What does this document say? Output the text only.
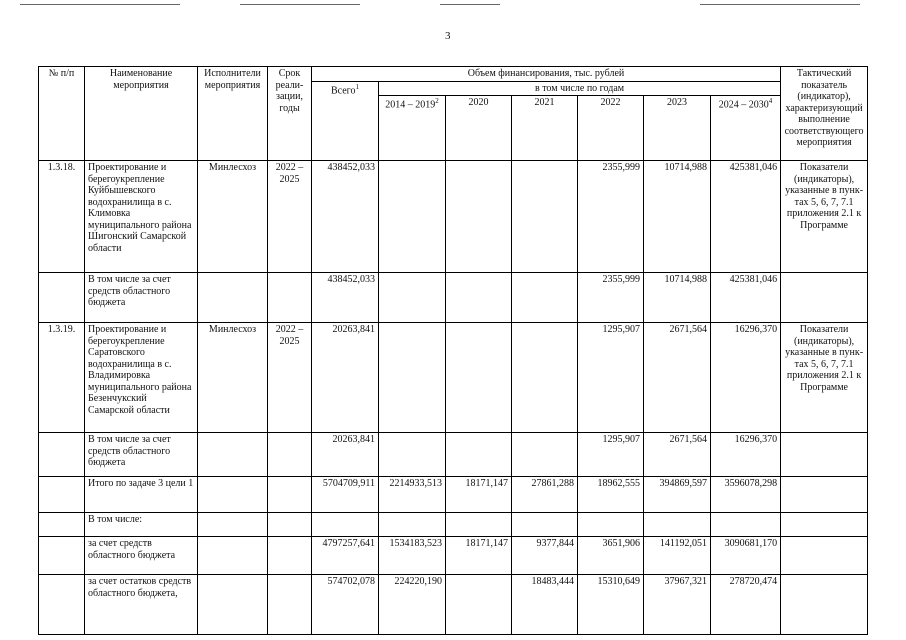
3
№ п/п	Наименование мероприятия	Исполнители мероприятия	Срок реали-зации, годы	Объем финансирования, тыс. рублей							Тактический показатель (индикатор), характеризующий выполнение соответствующего мероприятия
				Всего$^1$	в том числе по годам						
					2014 – 2019$^2$	2020	2021	2022	2023	2024 – 2030$^4$
1.3.18.	Проектирование и берегоукрепление Куйбышевского водохранилища в с. Климовка муниципального района Шигонский Самарской области	Минлесхоз	2022 – 2025	438452,033				2355,999	10714,988	425381,046	Показатели (индикаторы), указанные в пунк-тах 5, 6, 7, 7.1 приложения 2.1 к Программе
	В том числе за счет средств областного бюджета			438452,033				2355,999	10714,988	425381,046	
1.3.19.	Проектирование и берегоукрепление Саратовского водохранилища в с. Владимировка муниципального района Безенчукский Самарской области	Минлесхоз	2022 – 2025	20263,841				1295,907	2671,564	16296,370	Показатели (индикаторы), указанные в пунк-тах 5, 6, 7, 7.1 приложения 2.1 к Программе
	В том числе за счет средств областного бюджета			20263,841				1295,907	2671,564	16296,370	
	Итого по задаче 3 цели 1			5704709,911	2214933,513	18171,147	27861,288	18962,555	394869,597	3596078,298	
	В том числе:										
	за счет средств областного бюджета			4797257,641	1534183,523	18171,147	9377,844	3651,906	141192,051	3090681,170	
	за счет остатков средств областного бюджета,			574702,078	224220,190		18483,444	15310,649	37967,321	278720,474	
